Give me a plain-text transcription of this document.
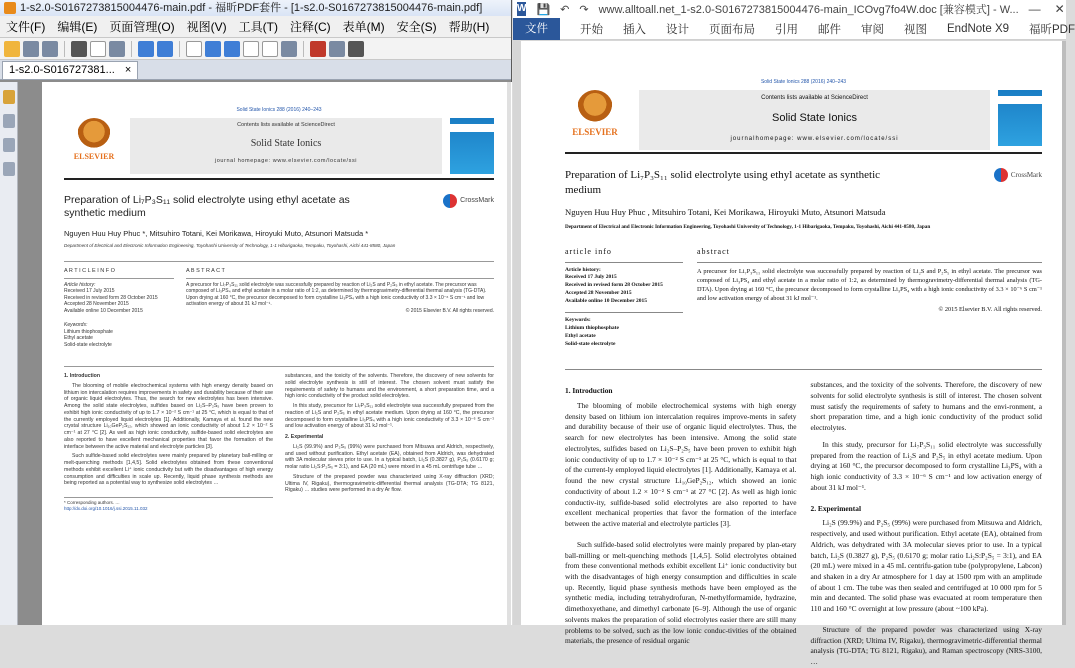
1-s2.0-S0167273815004476-main.pdf - 福昕PDF套件 - [1-s2.0-S0167273815004476-main.pdf]
文件(F) 编辑(E) 页面管理(O) 视图(V) 工具(T) 注释(C) 表单(M) 安全(S) 帮助(H)
1-s2.0-S016727381... ×
Solid State Ionics 288 (2016) 240–243
ELSEVIER
Contents lists available at ScienceDirect
Solid State Ionics
journal homepage: www.elsevier.com/locate/ssi
Preparation of Li₇P₃S₁₁ solid electrolyte using ethyl acetate as synthetic medium
CrossMark
Nguyen Huu Huy Phuc *, Mitsuhiro Totani, Kei Morikawa, Hiroyuki Muto, Atsunori Matsuda *
Department of Electrical and Electronic Information Engineering, Toyohashi University of Technology, 1-1 Hibarigaoka, Tempaku, Toyohashi, Aichi 441-8580, Japan
A R T I C L E I N F O
Article history:
Received 17 July 2015
Received in revised form 28 October 2015
Accepted 28 November 2015
Available online 10 December 2015
Keywords:
Lithium thiophosphate
Ethyl acetate
Solid-state electrolyte
A B S T R A C T
A precursor for Li₇P₃S₁₁ solid electrolyte was successfully prepared by reaction of Li₂S and P₂S₅ in ethyl acetate. The precursor was composed of Li₃PS₄ and ethyl acetate in a molar ratio of 1:2, as determined by thermogravimetry-differential thermal analysis (TG-DTA). Upon drying at 160 °C, the precursor decomposed to form crystalline Li₃PS₄ with a high ionic conductivity of 3.3 × 10⁻⁶ S cm⁻¹ and low activation energy of about 31 kJ mol⁻¹.
© 2015 Elsevier B.V. All rights reserved.
1. Introduction
The blooming of mobile electrochemical systems with high energy density based on lithium ion intercalation requires improvements in safety and durability because of their use of organic liquid electrolytes. Thus, the search for new electrolytes has been intensive. Among the solid state electrolytes, sulfides based on Li₂S–P₂S₅ have been proven to exhibit high ionic conductivity of up to 1.7 × 10⁻² S cm⁻¹ at 25 °C, which is equal to that of the currently employed liquid electrolytes [1]. Additionally, Kamaya et al. found the new crystal structure Li₁₀GeP₂S₁₂, which showed an ionic conductivity of about 1.2 × 10⁻² S cm⁻¹ at 27 °C [2]. As well as high ionic conductivity, sulfide-based solid electrolytes are also reported to have excellent mechanical properties that favor the formation of the interface between the active material and electrolyte particles [3].
Such sulfide-based solid electrolytes were mainly prepared by planetary ball-milling or melt-quenching methods [1,4,5]. Solid electrolytes obtained from these conventional methods exhibit excellent Li⁺ ionic conductivity but with the disadvantages of high energy consumption and difficulties in scale up. Recently, liquid phase synthesis methods are being reported as a potential way to synthesize solid electrolytes …
* Corresponding authors. …
http://dx.doi.org/10.1016/j.ssi.2015.11.032
substances, and the toxicity of the solvents. Therefore, the discovery of new solvents for solid electrolyte synthesis is still of interest. The chosen solvent must satisfy the requirements of safety to humans and the environment, a short preparation time, and a high ionic conductivity of the product solid electrolytes.
In this study, precursor for Li₇P₃S₁₁ solid electrolyte was successfully prepared from the reaction of Li₂S and P₂S₅ in ethyl acetate medium. Upon drying at 160 °C, the precursor decomposed to form crystalline Li₃PS₄ with a high ionic conductivity of 3.3 × 10⁻⁶ S cm⁻¹ and low activation energy of about 31 kJ mol⁻¹.
2. Experimental
Li₂S (99.9%) and P₂S₅ (99%) were purchased from Mitsuwa and Aldrich, respectively, and used without purification. Ethyl acetate (EA), obtained from Aldrich, was dehydrated with 3A molecular sieves prior to use. In a typical batch, Li₂S (0.3827 g), P₂S₅ (0.6170 g; molar ratio Li₂S:P₂S₅ = 3:1), and EA (20 mL) were mixed in a 45 mL centrifuge tube …
Structure of the prepared powder was characterized using X-ray diffraction (XRD; Ultima IV, Rigaku), thermogravimetric-differential thermal analysis (TG-DTA; TG 8121, Rigaku) … studies were performed in a dry Ar flow.
W 💾 ↶ ↷ www.alltoall.net_1-s2.0-S0167273815004476-main_ICOvg7fo4W.doc [兼容模式] - W... — ✕
文件	开始 插入 设计 页面布局 引用 邮件 审阅 视图 EndNote X9 福昕PDF
Solid State Ionics 288 (2016) 240–243
ELSEVIER
Contents lists available at ScienceDirect
Solid State Ionics
journalhomepage: www.elsevier.com/locate/ssi
Preparation of Li₇P₃S₁₁ solid electrolyte using ethyl acetate as synthetic medium
CrossMark
Nguyen Huu Huy Phuc , Mitsuhiro Totani, Kei Morikawa, Hiroyuki Muto, Atsunori Matsuda
Department of Electrical and Electronic Information Engineering, Toyohashi University of Technology, 1-1 Hibarigaoka, Tempaku, Toyohashi, Aichi 441-8580, Japan
article info
Article history:
Received 17 July 2015
Received in revised form 28 October 2015
Accepted 28 November 2015
Available online 10 December 2015
Keywords:
Lithium thiophosphate
Ethyl acetate
Solid-state electrolyte
abstract
A precursor for Li₇P₃S₁₁ solid electrolyte was successfully prepared by reaction of Li₂S and P₂S₅ in ethyl acetate. The precursor was composed of Li₃PS₄ and ethyl acetate in a molar ratio of 1:2, as determined by thermogravimetry-differential thermal analysis (TG-DTA). Upon drying at 160 °C, the precursor decomposed to form crystalline Li₃PS₄ with a high ionic conductivity of 3.3 × 10⁻⁶ S cm⁻¹ and low activation energy of about 31 kJ mol⁻¹.
© 2015 Elsevier B.V. All rights reserved.
1. Introduction

The blooming of mobile electrochemical systems with high energy density based on lithium ion intercalation requires improve-ments in safety and durability because of their use of organic liquid electrolytes. Thus, the search for new electrolytes has been intensive. Among the solid state electrolytes, sulfides based on Li₂S–P₂S₅ have been proven to exhibit high ionic conductivity of up to 1.7 × 10⁻² S cm⁻¹ at 25 °C, which is equal to that of the current-ly employed liquid electrolytes [1]. Additionally, Kamaya et al. found the new crystal structure Li₁₀GeP₂S₁₂, which showed an ionic conductivity of about 1.2 × 10⁻² S cm⁻¹ at 27 °C [2]. As well as high ionic conductiv-ity, sulfide-based solid electrolytes are also reported to have excellent mechanical properties that favor the formation of the interface between the active material and electrolyte particles [3].

Such sulfide-based solid electrolytes were mainly prepared by plan-etary ball-milling or melt-quenching methods [1,4,5]. Solid electrolytes obtained from these conventional methods exhibit excellent Li⁺ ionic conductivity but with the disadvantages of high energy consumption and difficulties in scale up. Recently, liquid phase synthesis methods have been employed as the synthetic media, including tetrahydrofuran, N-methylformamide, hydrazine, dimethoxyethane, and dimethyl carbonate [6–9]. Although the use of organic solvents makes the preparation of solid electrolytes easier there are still many problems to be solved, such as the low ionic conduc-tivities of the obtained materials, the presence of residual organic

substances, and the toxicity of the solvents. Therefore, the discovery of new solvents for solid electrolyte synthesis is still of interest. The chosen solvent must satisfy the requirements of safety to humans and the envi-ronment, a short preparation time, and a high ionic conductivity of the product solid electrolytes.

In this study, precursor for Li₇P₃S₁₁ solid electrolyte was successfully prepared from the reaction of Li₂S and P₂S₅ in ethyl acetate medium. Upon drying at 160 °C, the precursor decomposed to form crystalline Li₃PS₄ with a high ionic conductivity of 3.3 × 10⁻⁶ S cm⁻¹ and low activation energy of about 31 kJ mol⁻¹.

2. Experimental

Li₂S (99.9%) and P₂S₅ (99%) were purchased from Mitsuwa and Aldrich, respectively, and used without purification. Ethyl acetate (EA), obtained from Aldrich, was dehydrated with 3A molecular sieves prior to use. In a typical batch, Li₂S (0.3827 g), P₂S₅ (0.6170 g; molar ratio Li₂S:P₂S₅ = 3:1), and EA (20 mL) were mixed in a 45 mL centrifu-gation tube (polypropylene, Labcon) and shaken in a dry Ar atmosphere for 1 day at 1500 rpm with an amplitude of about 1 cm. The tube was then sealed and centrifuged at 10 000 rpm for 5 min and decanted. The solid phase was evacuated at room temperature then 110 and 160 °C overnight at low pressure (about ~100 kPa).

Structure of the prepared powder was characterized using X-ray diffraction (XRD; Ultima IV, Rigaku), thermogravimetric-differential thermal analysis (TG-DTA; TG 8121, Rigaku), and Raman spectroscopy (NRS-3100, …
